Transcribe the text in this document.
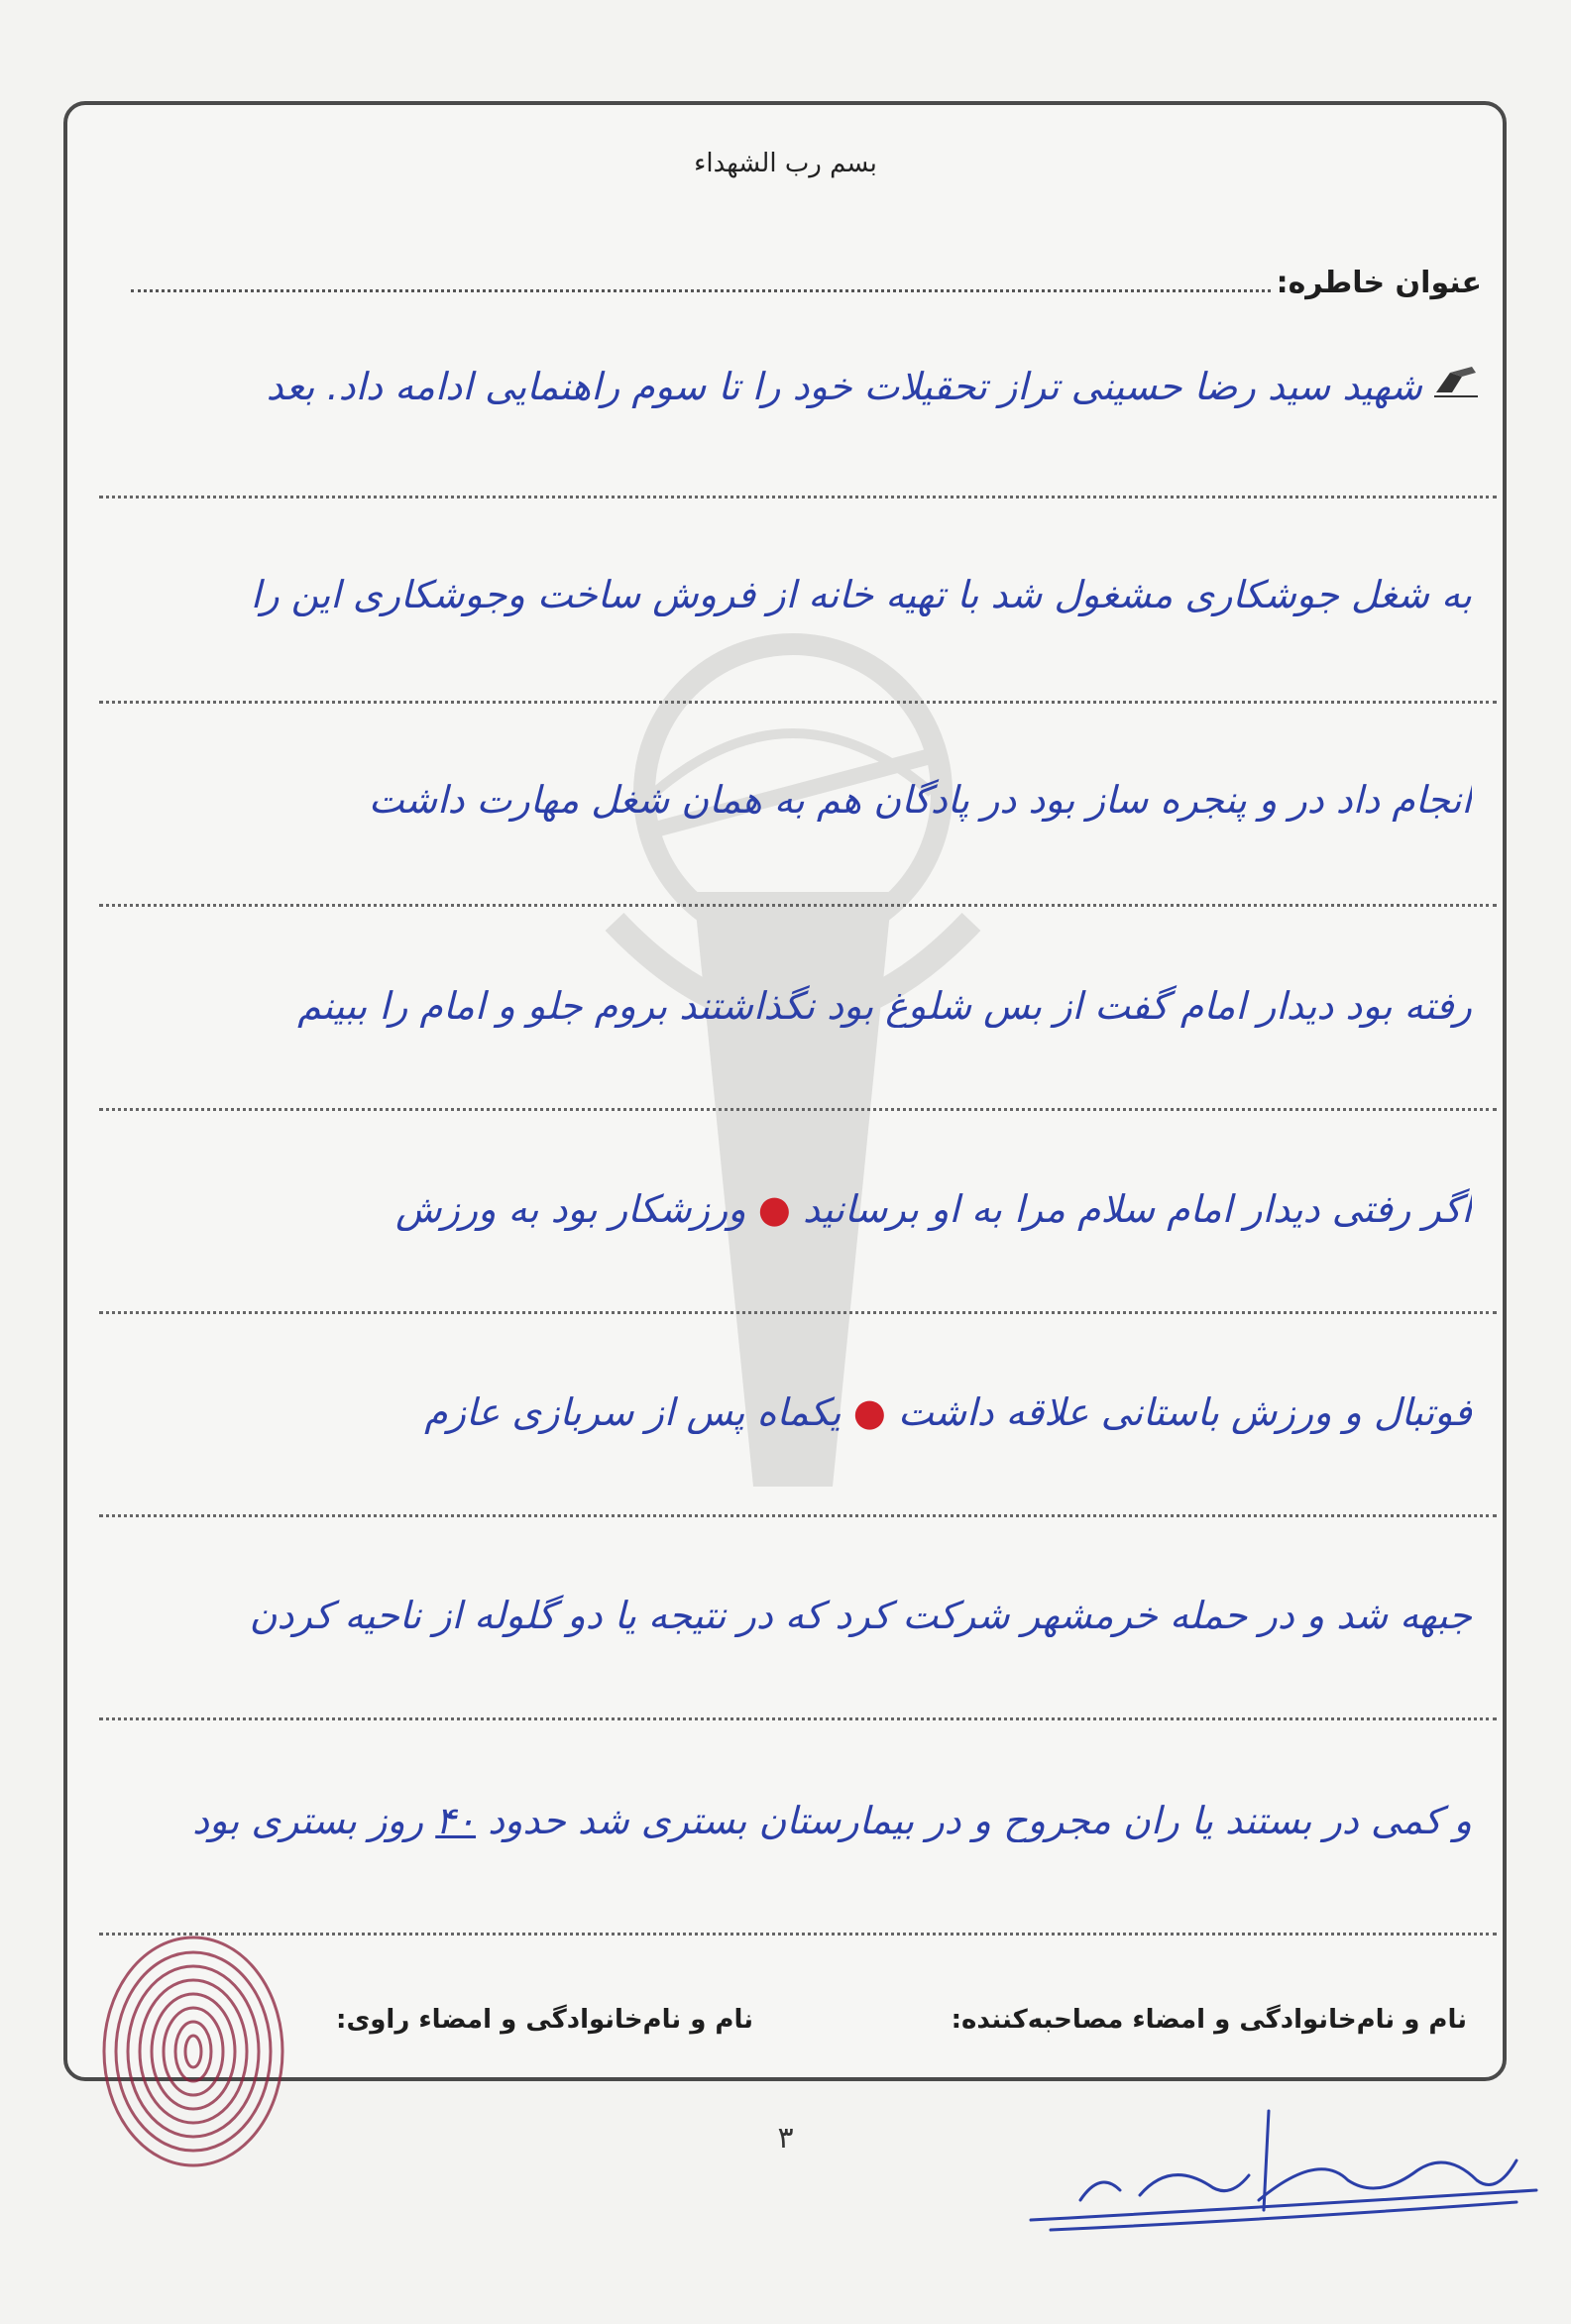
بسم رب الشهداء
عنوان خاطره:
شهید سید رضا حسینی تراز تحقیلات خود را تا سوم راهنمایی ادامه داد. بعد
به شغل جوشکاری مشغول شد با تهیه خانه از فروش ساخت وجوشکاری این را
انجام داد در و پنجره ساز بود در پادگان هم به همان شغل مهارت داشت
رفته بود دیدار امام گفت از بس شلوغ بود نگذاشتند بروم جلو و امام را ببینم
اگر رفتی دیدار امام سلام مرا به او برسانید ● ورزشکار بود به ورزش
فوتبال و ورزش باستانی علاقه داشت ● یکماه پس از سربازی عازم
جبهه شد و در حمله خرمشهر شرکت کرد که در نتیجه یا دو گلوله از ناحیه کردن
و کمی در بستند یا ران مجروح و در بیمارستان بستری شد حدود ۴۰ روز بستری بود
نام و نام‌خانوادگی و امضاء مصاحبه‌کننده:
نام و نام‌خانوادگی و امضاء راوی:
۳
